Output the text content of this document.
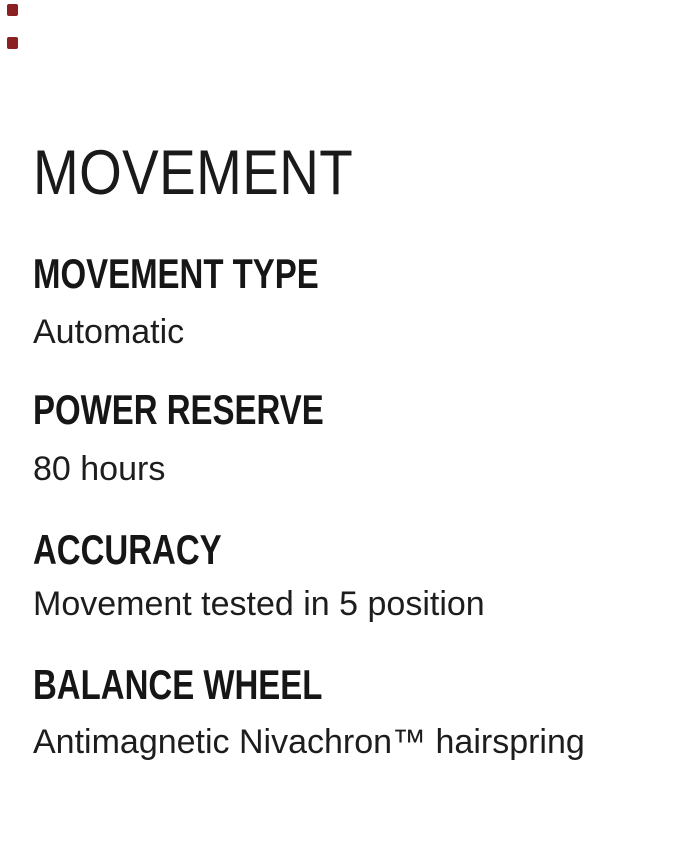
MOVEMENT
MOVEMENT TYPE

Automatic

POWER RESERVE

80 hours

ACCURACY

Movement tested in 5 position

BALANCE WHEEL

Antimagnetic Nivachron™ hairspring
